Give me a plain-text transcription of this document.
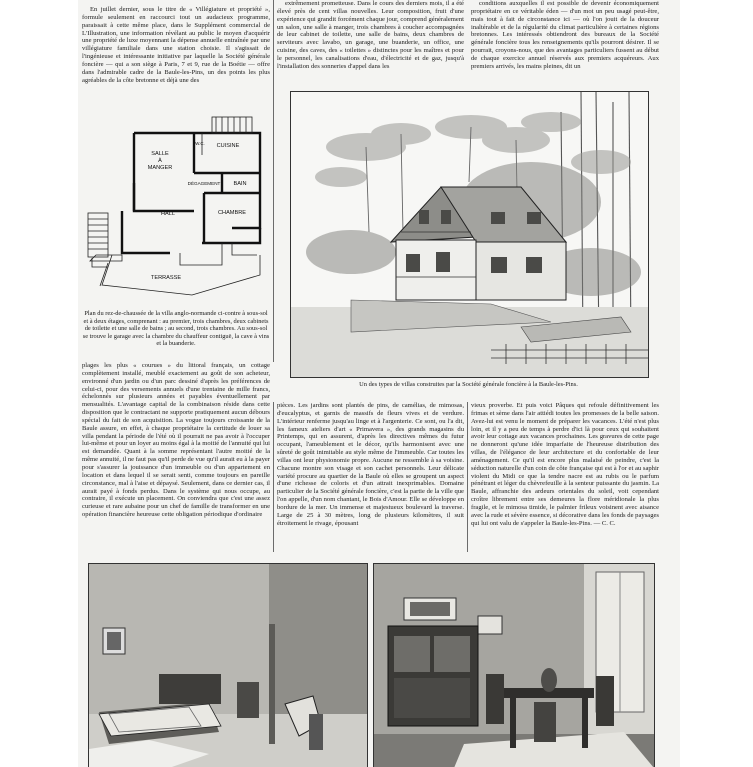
En juillet dernier, sous le titre de « Villégiature et propriété », formule seulement en raccourci tout un audacieux programme, paraissait à cette même place, dans le Supplément commercial de L'Illustration, une information révélant au public le moyen d'acquérir une propriété de luxe moyennant la dépense annuelle entraînée par une villégiature familiale dans une station choisie. Il s'agissait de l'ingénieuse et intéressante initiative par laquelle la Société générale foncière — qui a son siège à Paris, 7 et 9, rue de la Boétie — offre dans l'admirable cadre de la Baule-les-Pins, un des points les plus agréables de la côte bretonne et déjà une des

extrêmement prometteuse. Dans le cours des derniers mois, il a été élevé près de cent villas nouvelles. Leur composition, fruit d'une expérience qui grandit forcément chaque jour, comprend généralement un salon, une salle à manger, trois chambres à coucher accompagnées de leur cabinet de toilette, une salle de bains, deux chambres de serviteurs avec lavabo, un garage, une buanderie, un office, une cuisine, des caves, des « toilettes » distinctes pour les maîtres et pour le personnel, les canalisations d'eau, d'électricité et de gaz, jusqu'à l'installation des sonneries d'appel dans les

conditions auxquelles il est possible de devenir économiquement propriétaire en ce véritable éden — d'un mot un peu usagé peut-être, mais tout à fait de circonstance ici — où l'on jouit de la douceur inaltérable et de la régularité du climat particulière à certaines régions bretonnes. Les intéressés obtiendront des bureaux de la Société générale foncière tous les renseignements qu'ils pourront désirer. Il se pourrait, croyons-nous, que des avantages particuliers fussent au début de chaque exercice annuel réservés aux premiers acquéreurs. Aux premiers arrivés, les mains pleines, dit un

SALLE
À
MANGER
W.C. CUISINE
DÉGAGEMENT BAIN
HALL	CHAMBRE
TERRASSE
Plan du rez-de-chaussée de la villa anglo-normande ci-contre à sous-sol et à deux étages, comprenant : au premier, trois chambres, deux cabinets de toilette et une salle de bains ; au second, trois chambres. Au sous-sol se trouve le garage avec la chambre du chauffeur contiguë, la cave à vins et la buanderie.
Un des types de villas construites par la Société générale foncière à la Baule-les-Pins.

plages les plus « courues » du littoral français, un cottage complètement installé, meublé exactement au goût de son acheteur, environné d'un jardin ou d'un parc dessiné d'après les préférences de celui-ci, pour des versements annuels d'une trentaine de mille francs, échelonnés sur plusieurs années et payables éventuellement par mensualités. L'avantage capital de la combinaison réside dans cette disposition que le contractant ne supporte pratiquement aucun débours spécial du fait de son acquisition. La vogue toujours croissante de la Baule assure, en effet, à chaque propriétaire la certitude de louer sa villa pendant la période de l'été où il pourrait ne pas avoir à l'occuper lui-même et pour un loyer au moins égal à la moitié de l'annuité qui lui est demandée. Quant à la somme représentant l'autre moitié de la même annuité, il ne faut pas qu'il perde de vue qu'il aurait eu à la payer pour s'assurer la jouissance d'un immeuble ou d'un appartement en location et dans lequel il se serait senti, comme toujours en pareille circonstance, mal à l'aise et dépaysé. Seulement, dans ce dernier cas, il aurait payé à fonds perdus. Dans le système qui nous occupe, au contraire, il exécute un placement. On conviendra que c'est une assez curieuse et rare aubaine pour un chef de famille de transformer en une opération financière heureuse cette obligation périodique d'ordinaire

pièces. Les jardins sont plantés de pins, de camélias, de mimosas, d'eucalyptus, et garnis de massifs de fleurs vives et de verdure. L'intérieur renferme jusqu'au linge et à l'argenterie. Ce sont, ou l'a dit, les fameux ateliers d'art « Primavera », des grands magasins du Printemps, qui en assurent, d'après les directives mêmes du futur occupant, l'ameublement et le décor, qu'ils harmonisent avec une sûreté de goût inimitable au style même de l'immeuble. Car toutes les villas ont leur physionomie propre. Aucune ne ressemble à sa voisine. Chacune montre son visage et son cachet personnels. Leur délicate variété procure au quartier de la Baule où elles se groupent un aspect d'une richesse de coloris et d'un attrait inexprimables. Domaine particulier de la Société générale foncière, c'est la partie de la ville que l'on appelle, d'un nom chantant, le Bois d'Amour. Elle se développe en bordure de la mer. Un immense et majestueux boulevard la traverse. Large de 25 à 30 mètres, long de plusieurs kilomètres, il suit étroitement le rivage, épousant

vieux proverbe. Et puis voici Pâques qui refoule définitivement les frimas et sème dans l'air attiédi toutes les promesses de la belle saison. Avez-lui est venu le moment de préparer les vacances. L'été n'est plus loin, et il y a peu de temps à perdre d'ici là pour ceux qui souhaitent avoir leur cottage aux vacances prochaines. Les gravures de cette page ne donneront qu'une idée imparfaite de l'heureuse distribution des villas, de l'élégance de leur architecture et du confortable de leur aménagement. Ce qu'il est encore plus malaisé de peindre, c'est la séduction naturelle d'un coin de côte française qui est à l'or et au saphir violent du Midi ce que la tendre nacre est au rubis ou le parfum pénétrant et léger du chèvrefeuille à la senteur puissante du jasmin. La Baule, affranchie des ardeurs orientales du soleil, voit cependant croître librement entre ses demeures la flore méridionale la plus fragile, et le mimosa timide, le palmier frileux voisinent avec aisance avec la rude et sévère essence, si décorative dans les fonds de paysages qui lui ont valu de s'appeler la Baule-les-Pins. — C. C.
